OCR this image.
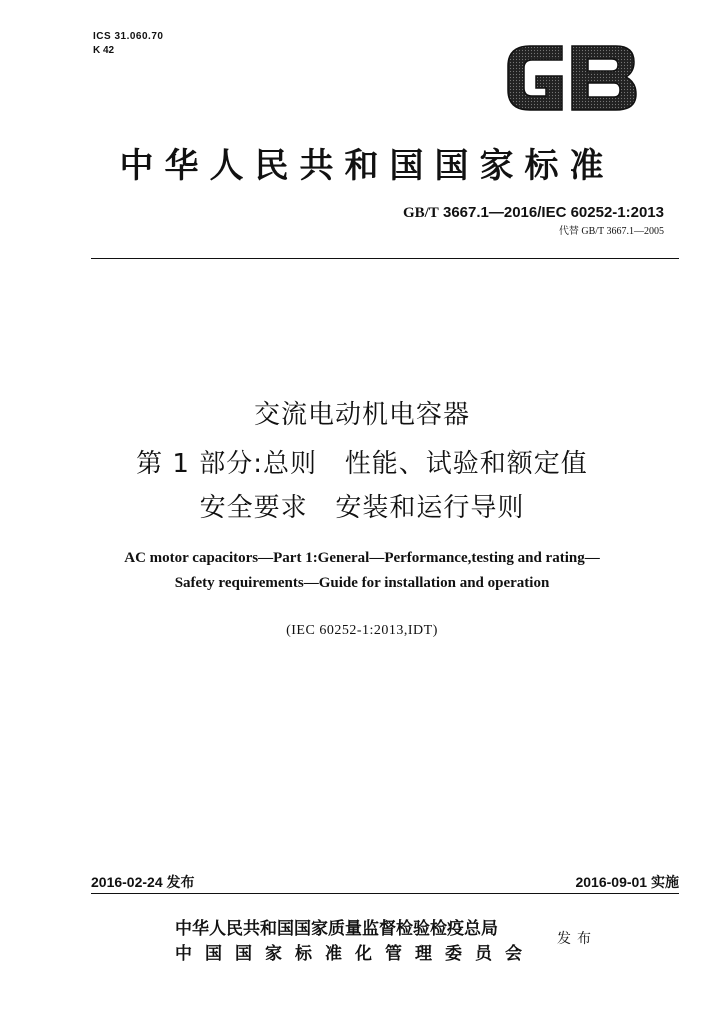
ICS 31.060.70
K 42
中华人民共和国国家标准
GB/T 3667.1—2016/IEC 60252-1:2013
代替 GB/T 3667.1—2005
交流电动机电容器
第 1 部分:总则   性能、试验和额定值
安全要求   安装和运行导则
AC motor capacitors—Part 1:General—Performance,testing and rating—
Safety requirements—Guide for installation and operation
(IEC 60252-1:2013,IDT)
2016-02-24 发布	2016-09-01 实施
中华人民共和国国家质量监督检验检疫总局
中国国家标准化管理委员会
发布
